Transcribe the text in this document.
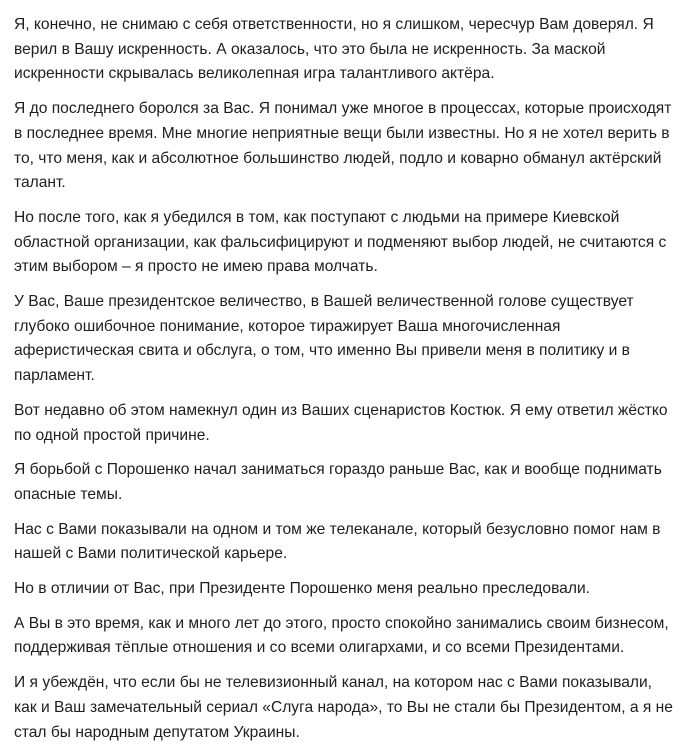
Я, конечно, не снимаю с себя ответственности, но я слишком, чересчур Вам доверял. Я верил в Вашу искренность. А оказалось, что это была не искренность. За маской искренности скрывалась великолепная игра талантливого актёра.

Я до последнего боролся за Вас. Я понимал уже многое в процессах, которые происходят в последнее время. Мне многие неприятные вещи были известны. Но я не хотел верить в то, что меня, как и абсолютное большинство людей, подло и коварно обманул актёрский талант.

Но после того, как я убедился в том, как поступают с людьми на примере Киевской областной организации, как фальсифицируют и подменяют выбор людей, не считаются с этим выбором – я просто не имею права молчать.

У Вас, Ваше президентское величество, в Вашей величественной голове существует глубоко ошибочное понимание, которое тиражирует Ваша многочисленная аферистическая свита и обслуга, о том, что именно Вы привели меня в политику и в парламент.

Вот недавно об этом намекнул один из Ваших сценаристов Костюк. Я ему ответил жёстко по одной простой причине.

Я борьбой с Порошенко начал заниматься гораздо раньше Вас, как и вообще поднимать опасные темы.

Нас с Вами показывали на одном и том же телеканале, который безусловно помог нам в нашей с Вами политической карьере.

Но в отличии от Вас, при Президенте Порошенко меня реально преследовали.

А Вы в это время, как и много лет до этого, просто спокойно занимались своим бизнесом, поддерживая тёплые отношения и со всеми олигархами, и со всеми Президентами.

И я убеждён, что если бы не телевизионный канал, на котором нас с Вами показывали, как и Ваш замечательный сериал «Слуга народа», то Вы не стали бы Президентом, а я не стал бы народным депутатом Украины.
